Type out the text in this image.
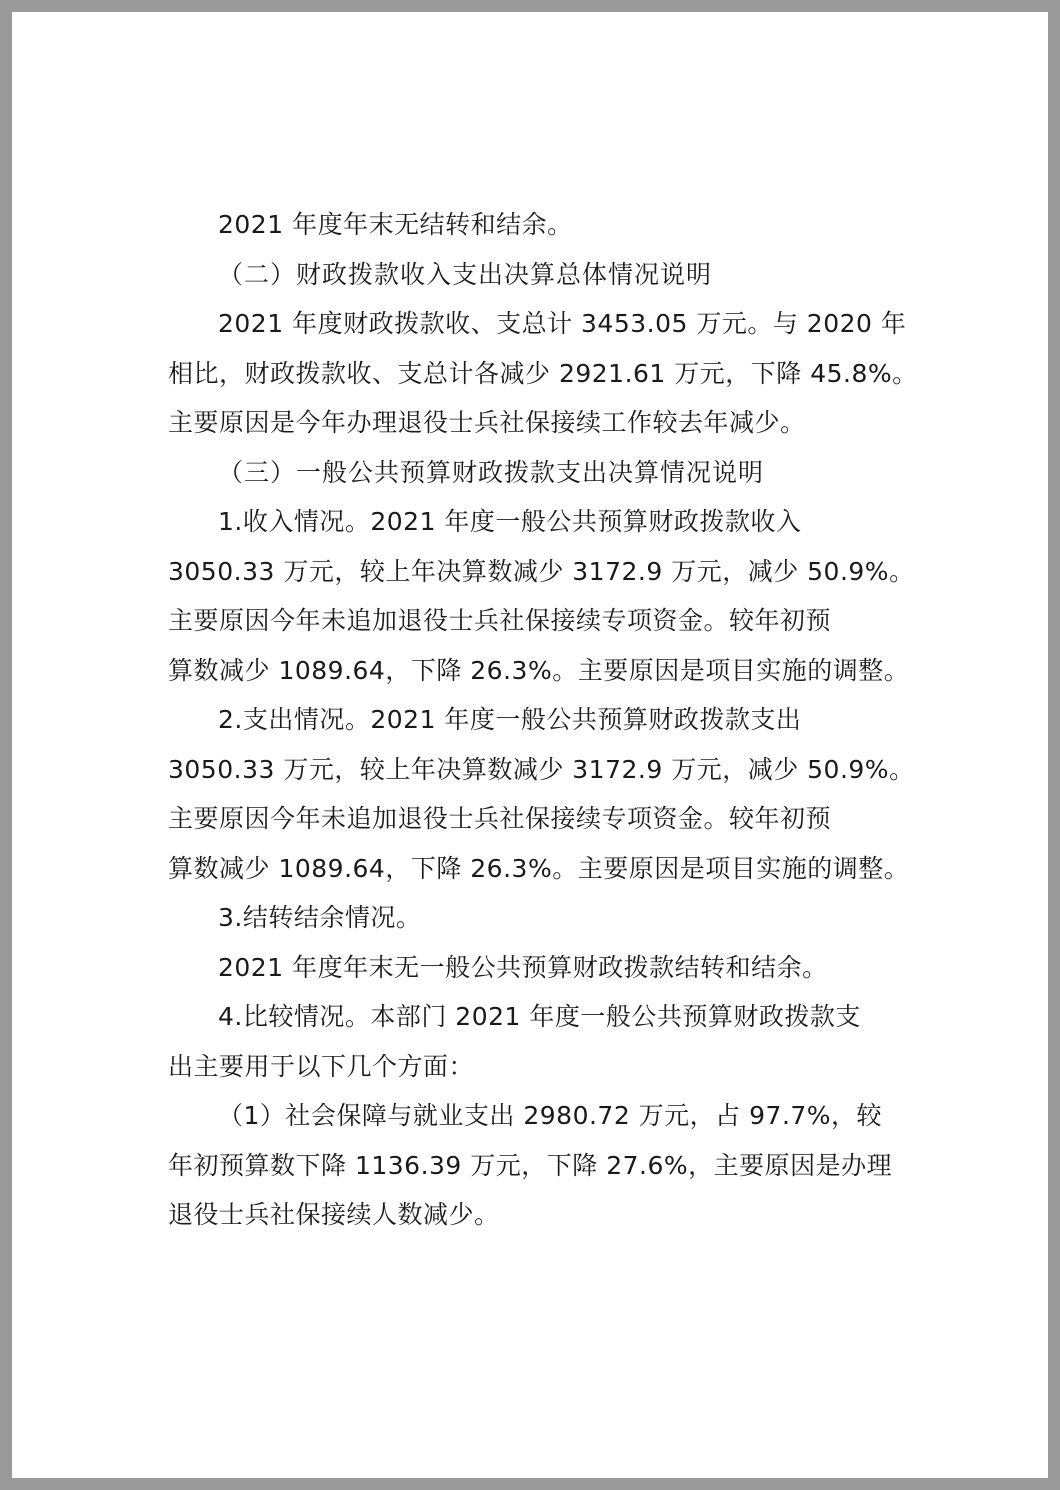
2021 年度年末无结转和结余。

（二）财政拨款收入支出决算总体情况说明

2021 年度财政拨款收、支总计 3453.05 万元。与 2020 年

相比，财政拨款收、支总计各减少 2921.61 万元，下降 45.8%。

主要原因是今年办理退役士兵社保接续工作较去年减少。

（三）一般公共预算财政拨款支出决算情况说明

1.收入情况。2021 年度一般公共预算财政拨款收入

3050.33 万元，较上年决算数减少 3172.9 万元，减少 50.9%。

主要原因今年未追加退役士兵社保接续专项资金。较年初预

算数减少 1089.64，下降 26.3%。主要原因是项目实施的调整。

2.支出情况。2021 年度一般公共预算财政拨款支出

3050.33 万元，较上年决算数减少 3172.9 万元，减少 50.9%。

主要原因今年未追加退役士兵社保接续专项资金。较年初预

算数减少 1089.64，下降 26.3%。主要原因是项目实施的调整。

3.结转结余情况。

2021 年度年末无一般公共预算财政拨款结转和结余。

4.比较情况。本部门 2021 年度一般公共预算财政拨款支

出主要用于以下几个方面：

（1）社会保障与就业支出 2980.72 万元，占 97.7%，较

年初预算数下降 1136.39 万元，下降 27.6%，主要原因是办理

退役士兵社保接续人数减少。
